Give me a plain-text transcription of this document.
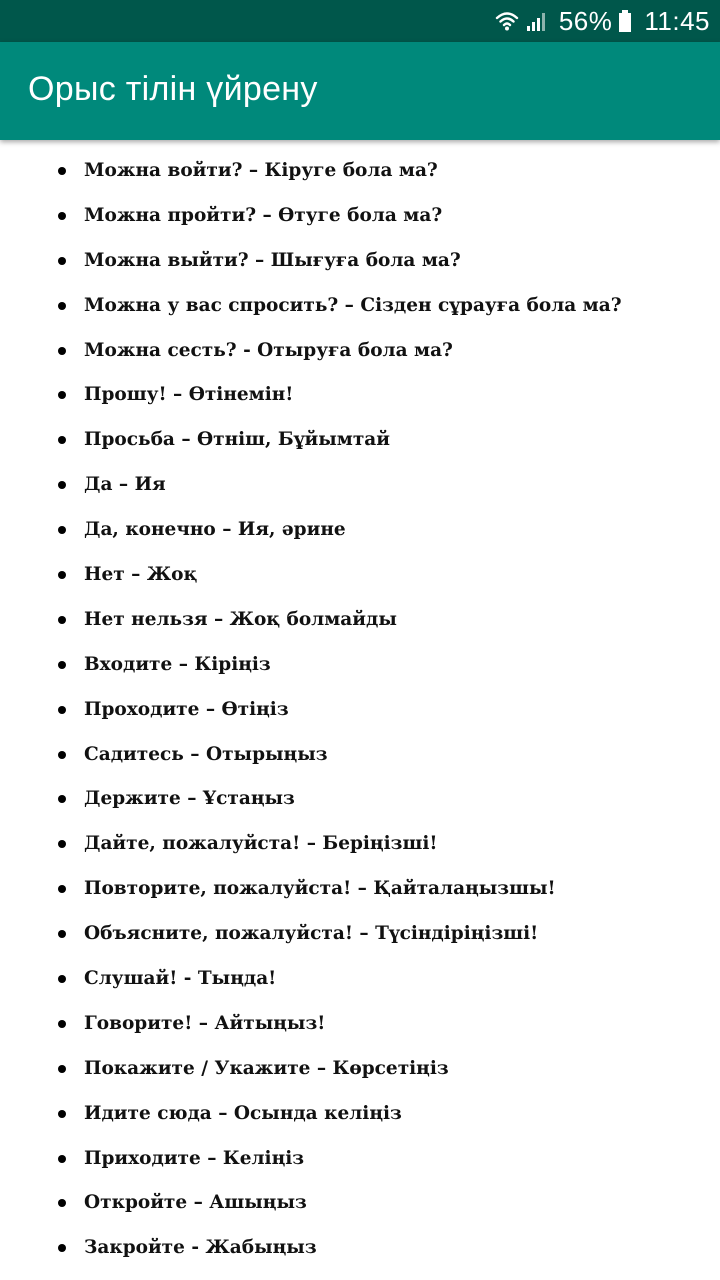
56% 11:45
Орыс тілін үйрену
Можна войти? – Кіруге бола ма?
Можна пройти? – Өтуге бола ма?
Можна выйти? – Шығуға бола ма?
Можна у вас спросить? – Сізден сұрауға бола ма?
Можна сесть? - Отыруға бола ма?
Прошу! – Өтінемін!
Просьба – Өтніш, Бұйымтай
Да – Ия
Да, конечно – Ия, әрине
Нет – Жоқ
Нет нельзя – Жоқ болмайды
Входите – Кіріңіз
Проходите – Өтіңіз
Садитесь – Отырыңыз
Держите – Ұстаңыз
Дайте, пожалуйста! – Беріңізші!
Повторите, пожалуйста! – Қайталаңызшы!
Объясните, пожалуйста! – Түсіндіріңізші!
Слушай! - Тыңда!
Говорите! – Айтыңыз!
Покажите / Укажите – Көрсетіңіз
Идите сюда – Осында келіңіз
Приходите – Келіңіз
Откройте – Ашыңыз
Закройте - Жабыңыз
